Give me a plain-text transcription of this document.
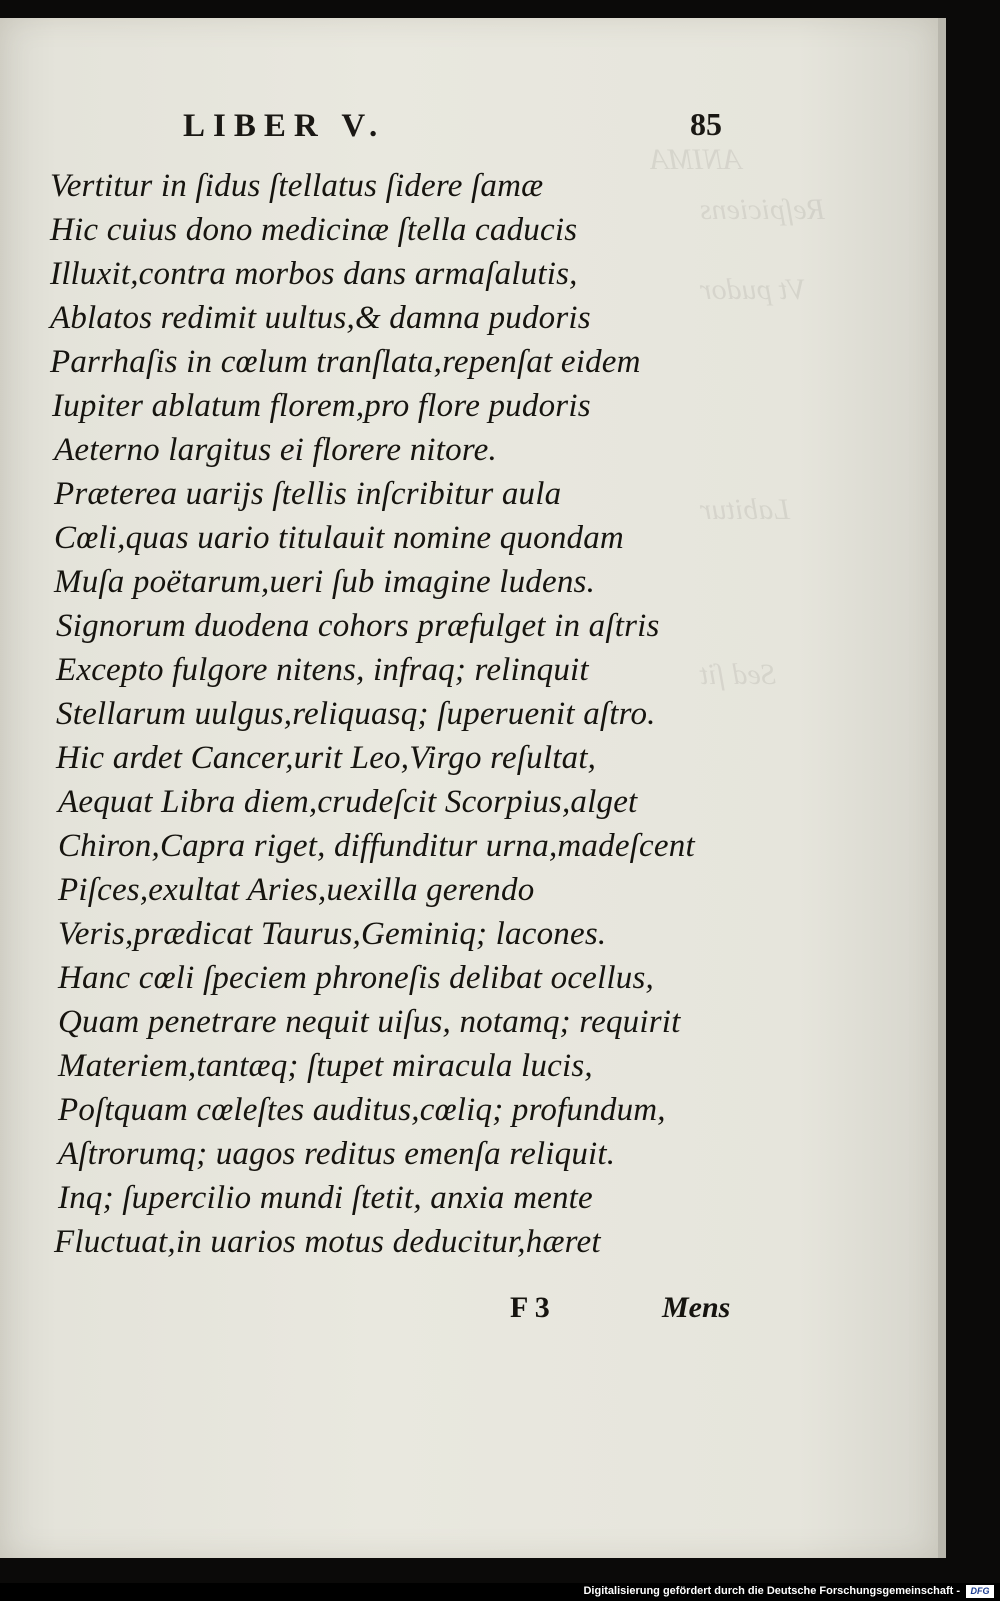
ANIMA
Reſpiciens
Vt pudor
Labitur
Sed ſit
LIBER V.	85
Vertitur in ſidus ſtellatus ſidere ſamæ
Hic cuius dono medicinæ ſtella caducis
Illuxit,contra morbos dans armaſalutis,
Ablatos redimit uultus,& damna pudoris
Parrhaſis in cœlum tranſlata,repenſat eidem
Iupiter ablatum florem,pro flore pudoris
Aeterno largitus ei florere nitore.
Præterea uarijs ſtellis inſcribitur aula
Cœli,quas uario titulauit nomine quondam
Muſa poëtarum,ueri ſub imagine ludens.
Signorum duodena cohors præfulget in aſtris
Excepto fulgore nitens, infraq; relinquit
Stellarum uulgus,reliquasq; ſuperuenit aſtro.
Hic ardet Cancer,urit Leo,Virgo reſultat,
Aequat Libra diem,crudeſcit Scorpius,alget
Chiron,Capra riget, diffunditur urna,madeſcent
Piſces,exultat Aries,uexilla gerendo
Veris,prædicat Taurus,Geminiq; lacones.
Hanc cœli ſpeciem phroneſis delibat ocellus,
Quam penetrare nequit uiſus, notamq; requirit
Materiem,tantæq; ſtupet miracula lucis,
Poſtquam cœleſtes auditus,cœliq; profundum,
Aſtrorumq; uagos reditus emenſa reliquit.
Inq; ſupercilio mundi ſtetit, anxia mente
Fluctuat,in uarios motus deducitur,hæret
F 3	Mens
Digitalisierung gefördert durch die Deutsche Forschungsgemeinschaft -	DFG
